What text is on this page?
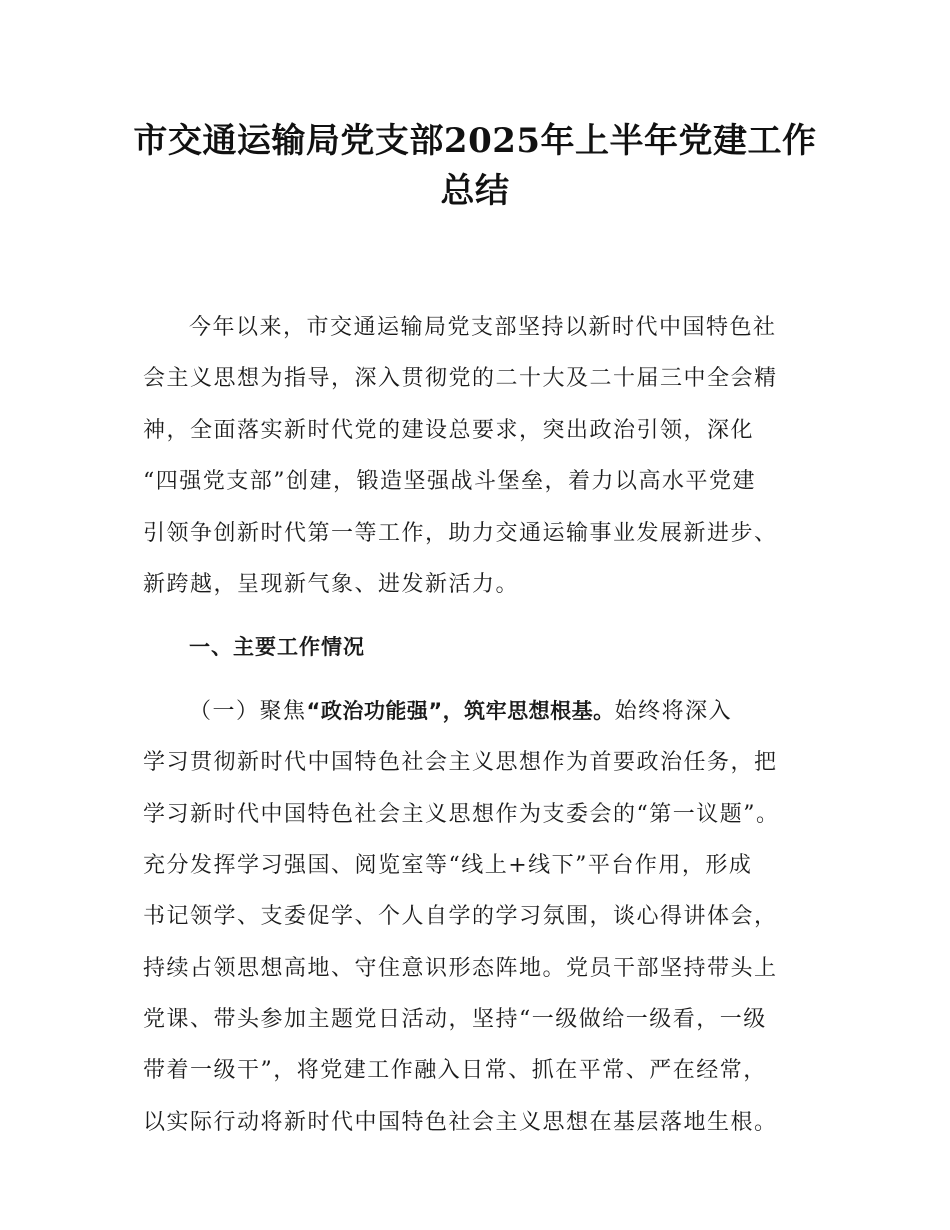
市交通运输局党支部2025年上半年党建工作
总结
今年以来，市交通运输局党支部坚持以新时代中国特色社
会主义思想为指导，深入贯彻党的二十大及二十届三中全会精
神，全面落实新时代党的建设总要求，突出政治引领，深化
“四强党支部”创建，锻造坚强战斗堡垒，着力以高水平党建
引领争创新时代第一等工作，助力交通运输事业发展新进步、
新跨越，呈现新气象、进发新活力。
一、主要工作情况
（一）聚焦“政治功能强”，筑牢思想根基。始终将深入
学习贯彻新时代中国特色社会主义思想作为首要政治任务，把
学习新时代中国特色社会主义思想作为支委会的“第一议题”。
充分发挥学习强国、阅览室等“线上+线下”平台作用，形成
书记领学、支委促学、个人自学的学习氛围，谈心得讲体会，
持续占领思想高地、守住意识形态阵地。党员干部坚持带头上
党课、带头参加主题党日活动，坚持“一级做给一级看，一级
带着一级干”，将党建工作融入日常、抓在平常、严在经常，
以实际行动将新时代中国特色社会主义思想在基层落地生根。
